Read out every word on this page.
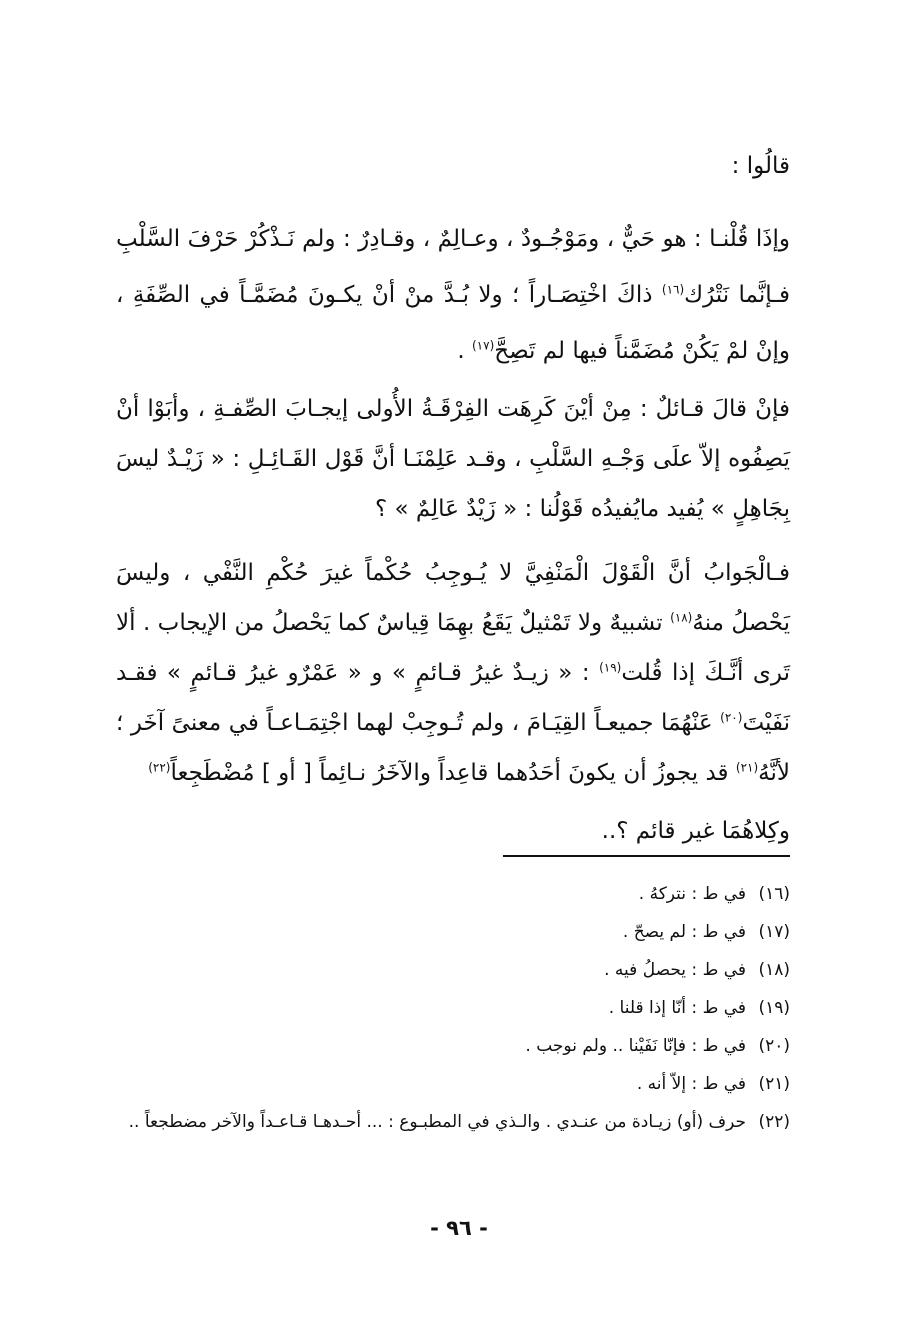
قالُوا :

وإذَا قُلْنـا : هو حَيٌّ ، ومَوْجُـودٌ ، وعـالِمٌ ، وقـادِرٌ : ولم نَـذْكُرْ حَرْفَ السَّلْبِ فـإنَّما نَتْرُك$^{(١٦)}$ ذاكَ اخْتِصَـاراً ؛ ولا بُـدَّ منْ أنْ يكـونَ مُضَمَّـاً في الصِّفَةِ ، وإنْ لمْ يَكُنْ مُضَمَّناً فيها لم تَصِحَّ$^{(١٧)}$ .

فإنْ قالَ قـائلٌ : مِنْ أيْنَ كَرِهَت الفِرْقَـةُ الأُولى إيجـابَ الصِّفـةِ ، وأبَوْا أنْ يَصِفُوه إلاّ علَى وَجْـهِ السَّلْبِ ، وقـد عَلِمْنَـا أنَّ قَوْل القَـائِـلِ : « زَيْـدٌ ليسَ بِجَاهِلٍ » يُفيد مايُفيدُه قَوْلُنا : « زَيْدٌ عَالِمٌ » ؟

فـالْجَوابُ أنَّ الْقَوْلَ الْمَنْفِيَّ لا يُـوجِبُ حُكْماً غيرَ حُكْمِ النَّفْي ، وليسَ يَحْصلُ منهُ$^{(١٨)}$ تشبيهٌ ولا تَمْثيلٌ يَقَعُ بهِمَا قِياسٌ كما يَحْصلُ من الإيجاب . ألا تَرى أنَّـكَ إذا قُلت$^{(١٩)}$ : « زيـدٌ غيرُ قـائمٍ » و « عَمْرٌو غيرُ قـائمٍ » فقـد نَفَيْتَ$^{(٢٠)}$ عَنْهُمَا جميعـاً القِيَـامَ ، ولم تُـوجِبْ لهما اجْتِمَـاعـاً في معنىً آخَر ؛ لأنَّهُ$^{(٢١)}$ قد يجوزُ أن يكونَ أحَدُهما قاعِداً والآخَرُ نـائِماً [ أو ] مُضْطَجِعاً$^{(٢٢)}$
وكِلاهُمَا غير قائم ؟..

(١٦)
في ط : نتركهُ .
(١٧)
في ط : لم يصحّ .
(١٨)
في ط : يحصلُ فيه .
(١٩)
في ط : أنّا إذا قلنا .
(٢٠)
في ط : فإنّا نَفَيْنا .. ولم نوجب .
(٢١)
في ط : إلاّ أنه .
(٢٢)
حرف (أو) زيـادة من عنـدي . والـذي في المطبـوع : ... أحـدهـا قـاعـداً والآخر مضطجعاً ..
- ٩٦ -
